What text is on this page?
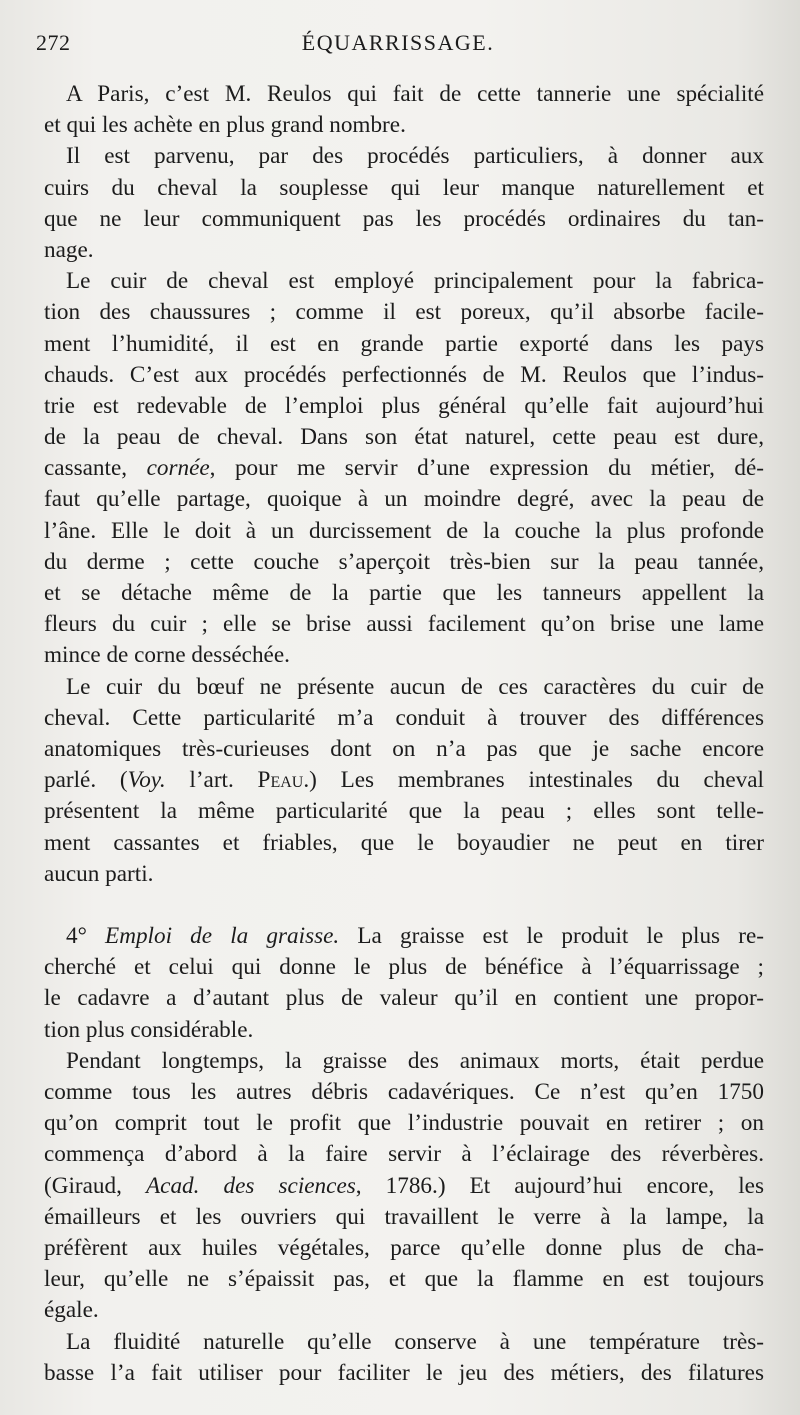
272	ÉQUARRISSAGE.
A Paris, c’est M. Reulos qui fait de cette tannerie une spécialité
et qui les achète en plus grand nombre.
Il est parvenu, par des procédés particuliers, à donner aux
cuirs du cheval la souplesse qui leur manque naturellement et
que ne leur communiquent pas les procédés ordinaires du tan-
nage.
Le cuir de cheval est employé principalement pour la fabrica-
tion des chaussures ; comme il est poreux, qu’il absorbe facile-
ment l’humidité, il est en grande partie exporté dans les pays
chauds. C’est aux procédés perfectionnés de M. Reulos que l’indus-
trie est redevable de l’emploi plus général qu’elle fait aujourd’hui
de la peau de cheval. Dans son état naturel, cette peau est dure,
cassante, cornée, pour me servir d’une expression du métier, dé-
faut qu’elle partage, quoique à un moindre degré, avec la peau de
l’âne. Elle le doit à un durcissement de la couche la plus profonde
du derme ; cette couche s’aperçoit très-bien sur la peau tannée,
et se détache même de la partie que les tanneurs appellent la
fleurs du cuir ; elle se brise aussi facilement qu’on brise une lame
mince de corne desséchée.
Le cuir du bœuf ne présente aucun de ces caractères du cuir de
cheval. Cette particularité m’a conduit à trouver des différences
anatomiques très-curieuses dont on n’a pas que je sache encore
parlé. (Voy. l’art. Peau.) Les membranes intestinales du cheval
présentent la même particularité que la peau ; elles sont telle-
ment cassantes et friables, que le boyaudier ne peut en tirer
aucun parti.
4° Emploi de la graisse. La graisse est le produit le plus re-
cherché et celui qui donne le plus de bénéfice à l’équarrissage ;
le cadavre a d’autant plus de valeur qu’il en contient une propor-
tion plus considérable.
Pendant longtemps, la graisse des animaux morts, était perdue
comme tous les autres débris cadavériques. Ce n’est qu’en 1750
qu’on comprit tout le profit que l’industrie pouvait en retirer ; on
commença d’abord à la faire servir à l’éclairage des réverbères.
(Giraud, Acad. des sciences, 1786.) Et aujourd’hui encore, les
émailleurs et les ouvriers qui travaillent le verre à la lampe, la
préfèrent aux huiles végétales, parce qu’elle donne plus de cha-
leur, qu’elle ne s’épaissit pas, et que la flamme en est toujours
égale.
La fluidité naturelle qu’elle conserve à une température très-
basse l’a fait utiliser pour faciliter le jeu des métiers, des filatures
